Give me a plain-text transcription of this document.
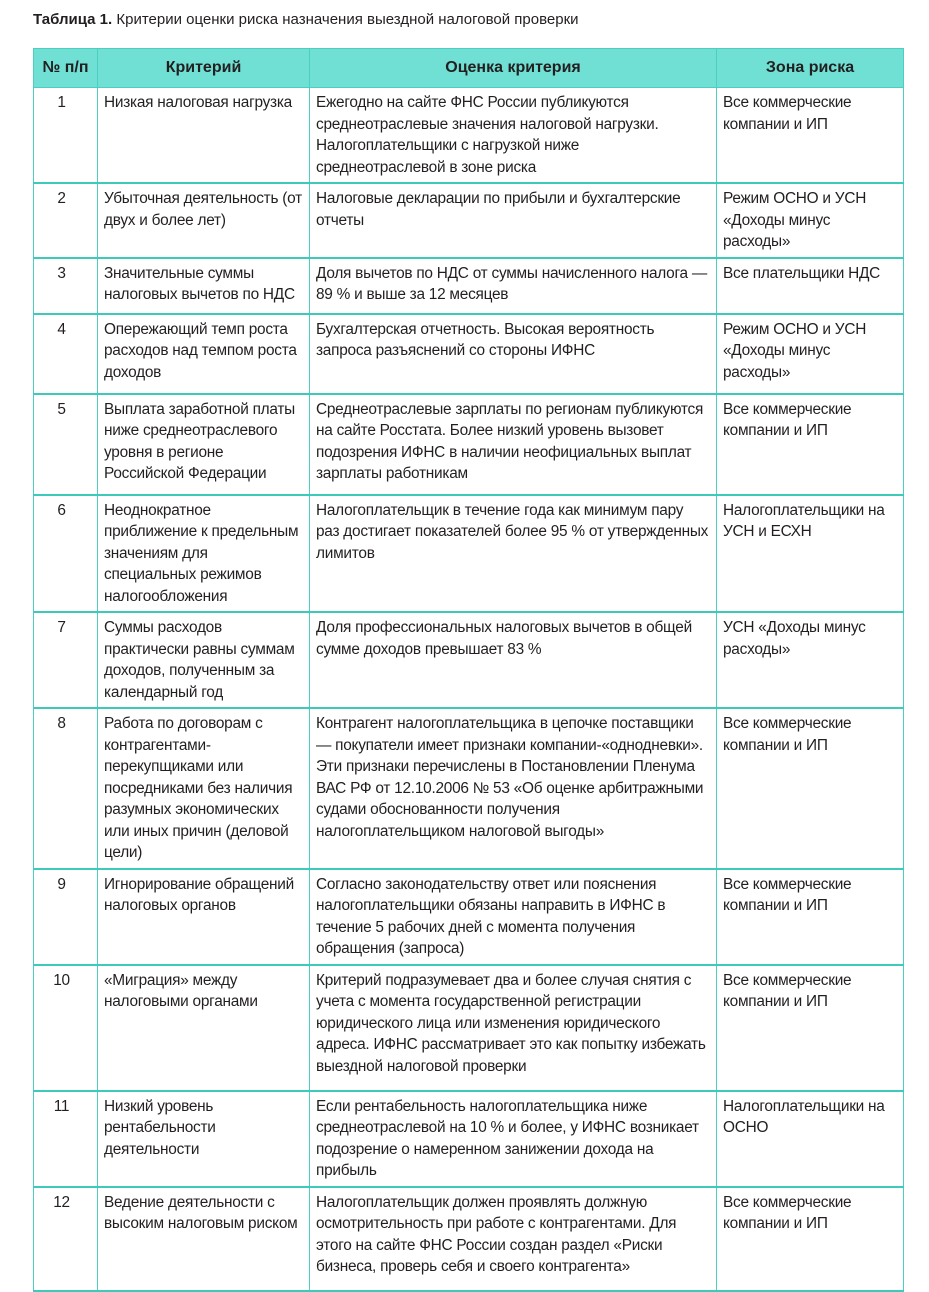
Таблица 1. Критерии оценки риска назначения выездной налоговой проверки
№ п/п	Критерий	Оценка критерия	Зона риска
1	Низкая налоговая нагрузка	Ежегодно на сайте ФНС России публикуются среднеотраслевые значения налоговой нагрузки. Налогоплательщики с нагрузкой ниже среднеотраслевой в зоне риска	Все коммерческие компании и ИП
2	Убыточная деятельность (от двух и более лет)	Налоговые декларации по прибыли и бухгалтерские отчеты	Режим ОСНО и УСН «Доходы минус расходы»
3	Значительные суммы налоговых вычетов по НДС	Доля вычетов по НДС от суммы начисленного налога — 89 % и выше за 12 месяцев	Все плательщики НДС
4	Опережающий темп роста расходов над темпом роста доходов	Бухгалтерская отчетность. Высокая вероятность запроса разъяснений со стороны ИФНС	Режим ОСНО и УСН «Доходы минус расходы»
5	Выплата заработной платы ниже среднеотраслевого уровня в регионе Российской Федерации	Среднеотраслевые зарплаты по регионам публикуются на сайте Росстата. Более низкий уровень вызовет подозрения ИФНС в наличии неофициальных выплат зарплаты работникам	Все коммерческие компании и ИП
6	Неоднократное приближение к предельным значениям для специальных режимов налогообложения	Налогоплательщик в течение года как минимум пару раз достигает показателей более 95 % от утвержденных лимитов	Налогоплательщики на УСН и ЕСХН
7	Суммы расходов практически равны суммам доходов, полученным за календарный год	Доля профессиональных налоговых вычетов в общей сумме доходов превышает 83 %	УСН «Доходы минус расходы»
8	Работа по договорам с контрагентами-перекупщиками или посредниками без наличия разумных экономических или иных причин (деловой цели)	Контрагент налогоплательщика в цепочке поставщики — покупатели имеет признаки компании-«однодневки». Эти признаки перечислены в Постановлении Пленума ВАС РФ от 12.10.2006 № 53 «Об оценке арбитражными судами обоснованности получения налогоплательщиком налоговой выгоды»	Все коммерческие компании и ИП
9	Игнорирование обращений налоговых органов	Согласно законодательству ответ или пояснения налогоплательщики обязаны направить в ИФНС в течение 5 рабочих дней с момента получения обращения (запроса)	Все коммерческие компании и ИП
10	«Миграция» между налоговыми органами	Критерий подразумевает два и более случая снятия с учета с момента государственной регистрации юридического лица или изменения юридического адреса. ИФНС рассматривает это как попытку избежать выездной налоговой проверки	Все коммерческие компании и ИП
11	Низкий уровень рентабельности деятельности	Если рентабельность налогоплательщика ниже среднеотраслевой на 10 % и более, у ИФНС возникает подозрение о намеренном занижении дохода на прибыль	Налогоплательщики на ОСНО
12	Ведение деятельности с высоким налоговым риском	Налогоплательщик должен проявлять должную осмотрительность при работе с контрагентами. Для этого на сайте ФНС России создан раздел «Риски бизнеса, проверь себя и своего контрагента»	Все коммерческие компании и ИП
